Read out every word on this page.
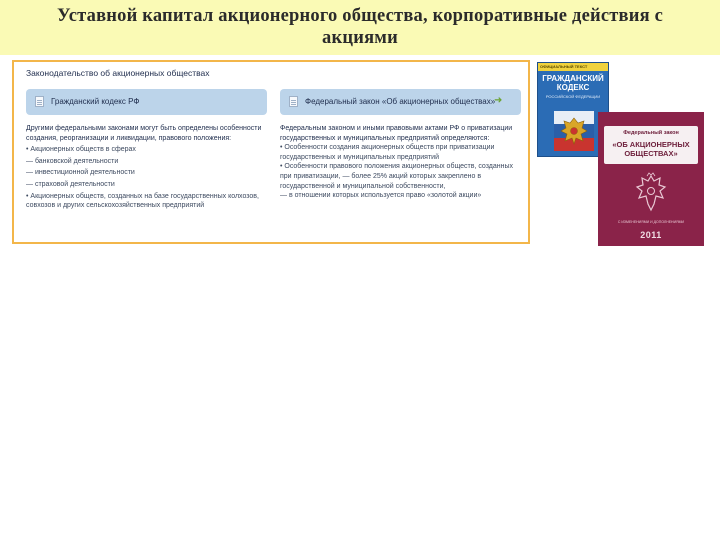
Уставной капитал акционерного общества, корпоративные действия с акциями
Законодательство об акционерных обществах
Гражданский кодекс РФ	Федеральный закон «Об акционерных обществах»
➜

Другими федеральными законами могут быть определены особенности создания, реорганизации и ликвидации, правового положения:

• Акционерных обществ в сферах

— банковской деятельности

— инвестиционной деятельности

— страховой деятельности

• Акционерных обществ, созданных на базе государственных колхозов, совхозов и других сельскохозяйственных предприятий

Федеральным законом и иными правовыми актами РФ о приватизации государственных и муниципальных предприятий определяются:

• Особенности создания акционерных обществ при приватизации государственных и муниципальных предприятий

• Особенности правового положения акционерных обществ, созданных при приватизации, — более 25% акций которых закреплено в государственной и муниципальной собственности,

— в отношении которых используется право «золотой акции»

ОФИЦИАЛЬНЫЙ ТЕКСТ
ГРАЖДАНСКИЙ КОДЕКС
РОССИЙСКОЙ ФЕДЕРАЦИИ
Федеральный закон
«ОБ АКЦИОНЕРНЫХ ОБЩЕСТВАХ»
С ИЗМЕНЕНИЯМИ И ДОПОЛНЕНИЯМИ
2011
